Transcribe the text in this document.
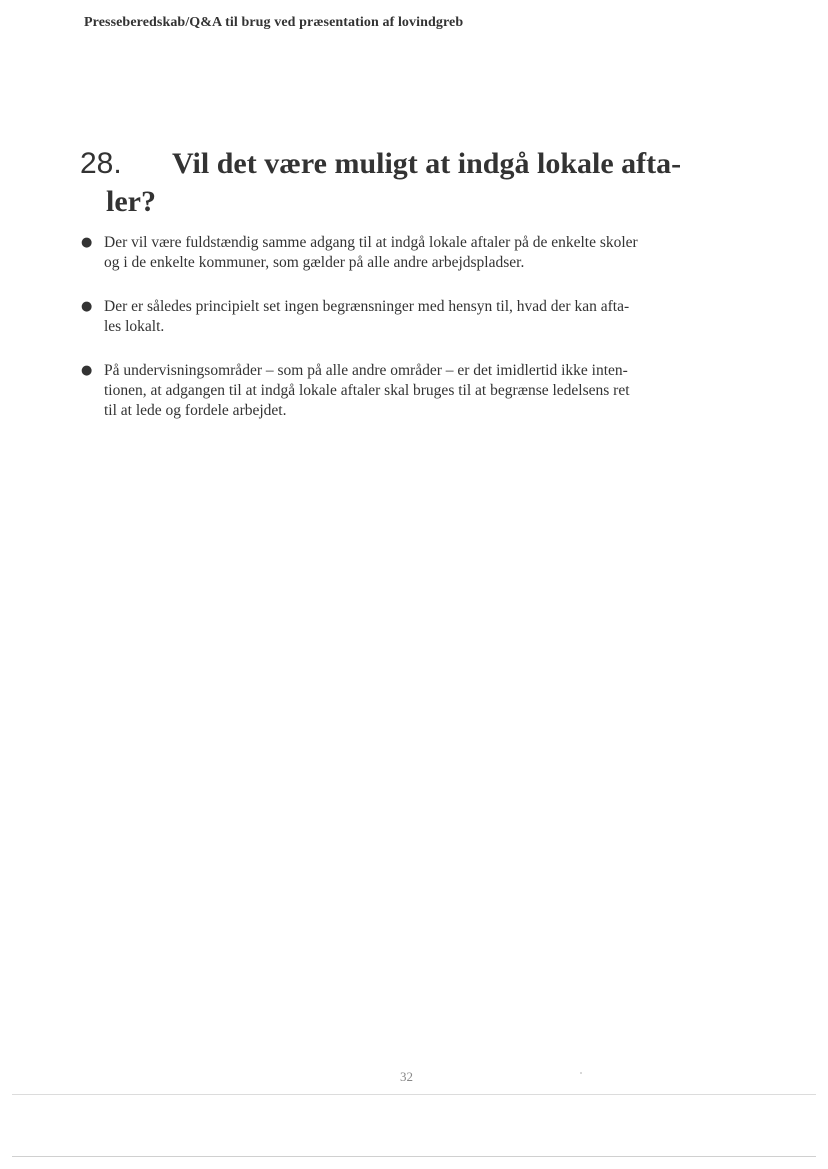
Presseberedskab/Q&A til brug ved præsentation af lovindgreb
28. Vil det være muligt at indgå lokale afta-
ler?
● Der vil være fuldstændig samme adgang til at indgå lokale aftaler på de enkelte skoler
og i de enkelte kommuner, som gælder på alle andre arbejdspladser.
● Der er således principielt set ingen begrænsninger med hensyn til, hvad der kan afta-
les lokalt.
● På undervisningsområder – som på alle andre områder – er det imidlertid ikke inten-
tionen, at adgangen til at indgå lokale aftaler skal bruges til at begrænse ledelsens ret
til at lede og fordele arbejdet.
32
